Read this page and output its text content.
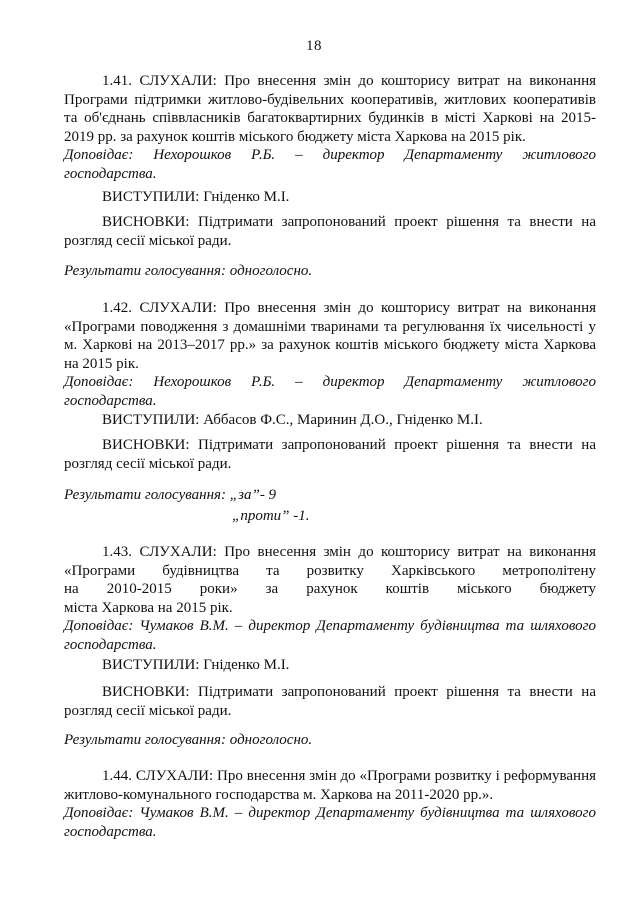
18

1.41. СЛУХАЛИ: Про внесення змін до кошторису витрат на виконання Програми підтримки житлово-будівельних кооперативів, житлових кооперативів та об'єднань співвласників багатоквартирних будинків в місті Харкові на 2015-2019 рр. за рахунок коштів міського бюджету міста Харкова на 2015 рік.

Доповідає: Нехорошков Р.Б. – директор Департаменту житлового

господарства.

ВИСТУПИЛИ: Гніденко М.І.

ВИСНОВКИ: Підтримати запропонований проект рішення та внести на розгляд сесії міської ради.

Результати голосування: одноголосно.

1.42. СЛУХАЛИ: Про внесення змін до кошторису витрат на виконання «Програми поводження з домашніми тваринами та регулювання їх чисельності у м. Харкові на 2013–2017 рр.» за рахунок коштів міського бюджету міста Харкова на 2015 рік.

Доповідає: Нехорошков Р.Б. – директор Департаменту житлового

господарства.

ВИСТУПИЛИ: Аббасов Ф.С., Маринин Д.О., Гніденко М.І.

ВИСНОВКИ: Підтримати запропонований проект рішення та внести на розгляд сесії міської ради.

Результати голосування: „за”- 9

„проти” -1.

1.43. СЛУХАЛИ: Про внесення змін до кошторису витрат на виконання

«Програми будівництва та розвитку Харківського метрополітену

на 2010-2015 роки» за рахунок коштів міського бюджету

міста Харкова на 2015 рік.

Доповідає: Чумаков В.М. – директор Департаменту будівництва та шляхового господарства.

ВИСТУПИЛИ: Гніденко М.І.

ВИСНОВКИ: Підтримати запропонований проект рішення та внести на розгляд сесії міської ради.

Результати голосування: одноголосно.

1.44. СЛУХАЛИ: Про внесення змін до «Програми розвитку і реформування житлово-комунального господарства м. Харкова на 2011-2020 рр.».

Доповідає: Чумаков В.М. – директор Департаменту будівництва та шляхового господарства.
